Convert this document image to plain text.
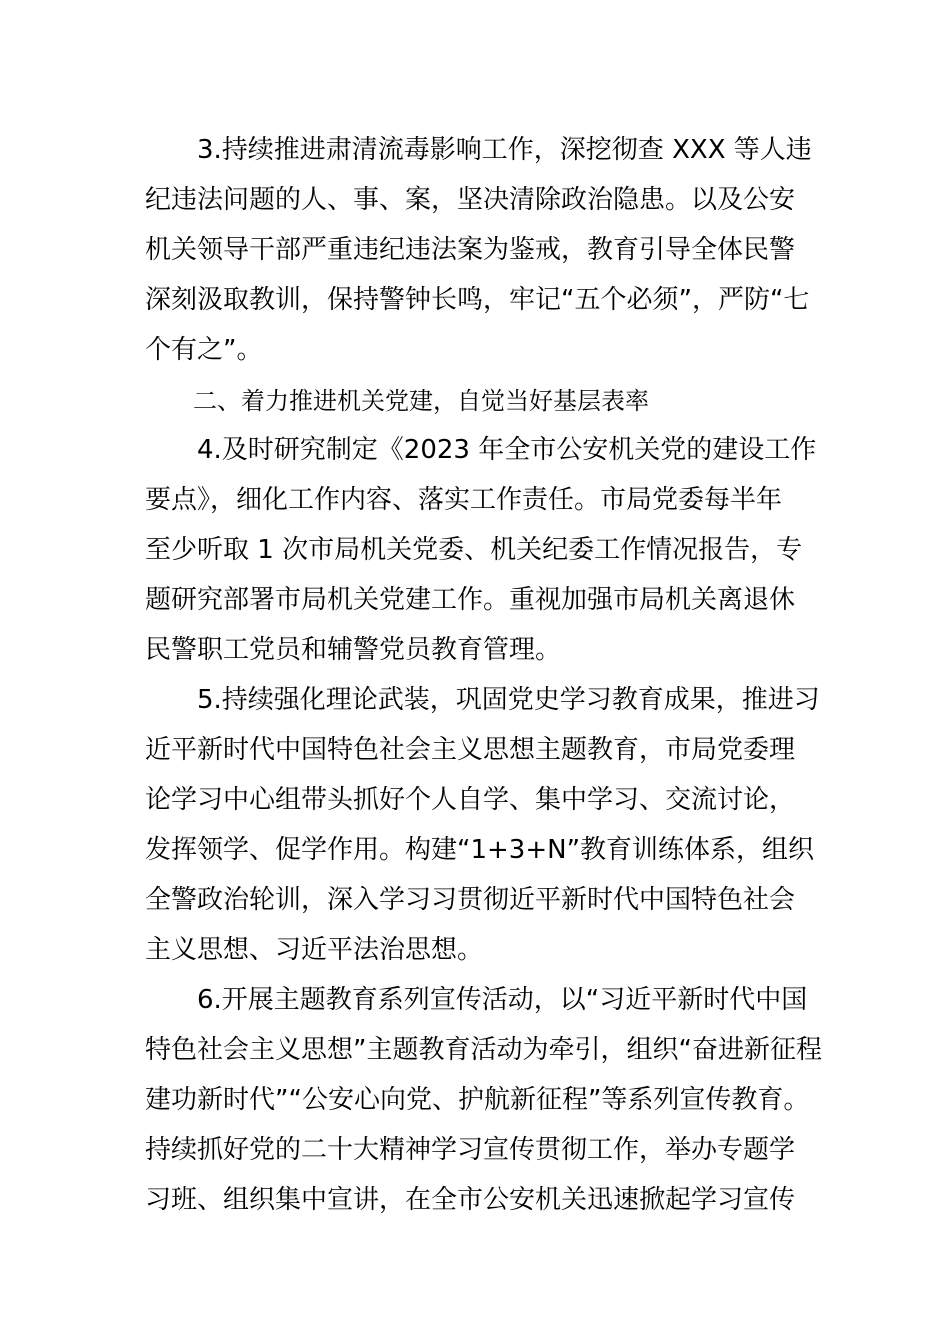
　　3.持续推进肃清流毒影响工作，深挖彻查 XXX 等人违
纪违法问题的人、事、案，坚决清除政治隐患。以及公安
机关领导干部严重违纪违法案为鉴戒，教育引导全体民警
深刻汲取教训，保持警钟长鸣，牢记“五个必须”，严防“七
个有之”。
　　二、着力推进机关党建，自觉当好基层表率
　　4.及时研究制定《2023 年全市公安机关党的建设工作
要点》，细化工作内容、落实工作责任。市局党委每半年
至少听取 1 次市局机关党委、机关纪委工作情况报告，专
题研究部署市局机关党建工作。重视加强市局机关离退休
民警职工党员和辅警党员教育管理。
　　5.持续强化理论武装，巩固党史学习教育成果，推进习
近平新时代中国特色社会主义思想主题教育，市局党委理
论学习中心组带头抓好个人自学、集中学习、交流讨论，
发挥领学、促学作用。构建“1+3+N”教育训练体系，组织
全警政治轮训，深入学习习贯彻近平新时代中国特色社会
主义思想、习近平法治思想。
　　6.开展主题教育系列宣传活动，以“习近平新时代中国
特色社会主义思想”主题教育活动为牵引，组织“奋进新征程
建功新时代”“公安心向党、护航新征程”等系列宣传教育。
持续抓好党的二十大精神学习宣传贯彻工作，举办专题学
习班、组织集中宣讲，在全市公安机关迅速掀起学习宣传
